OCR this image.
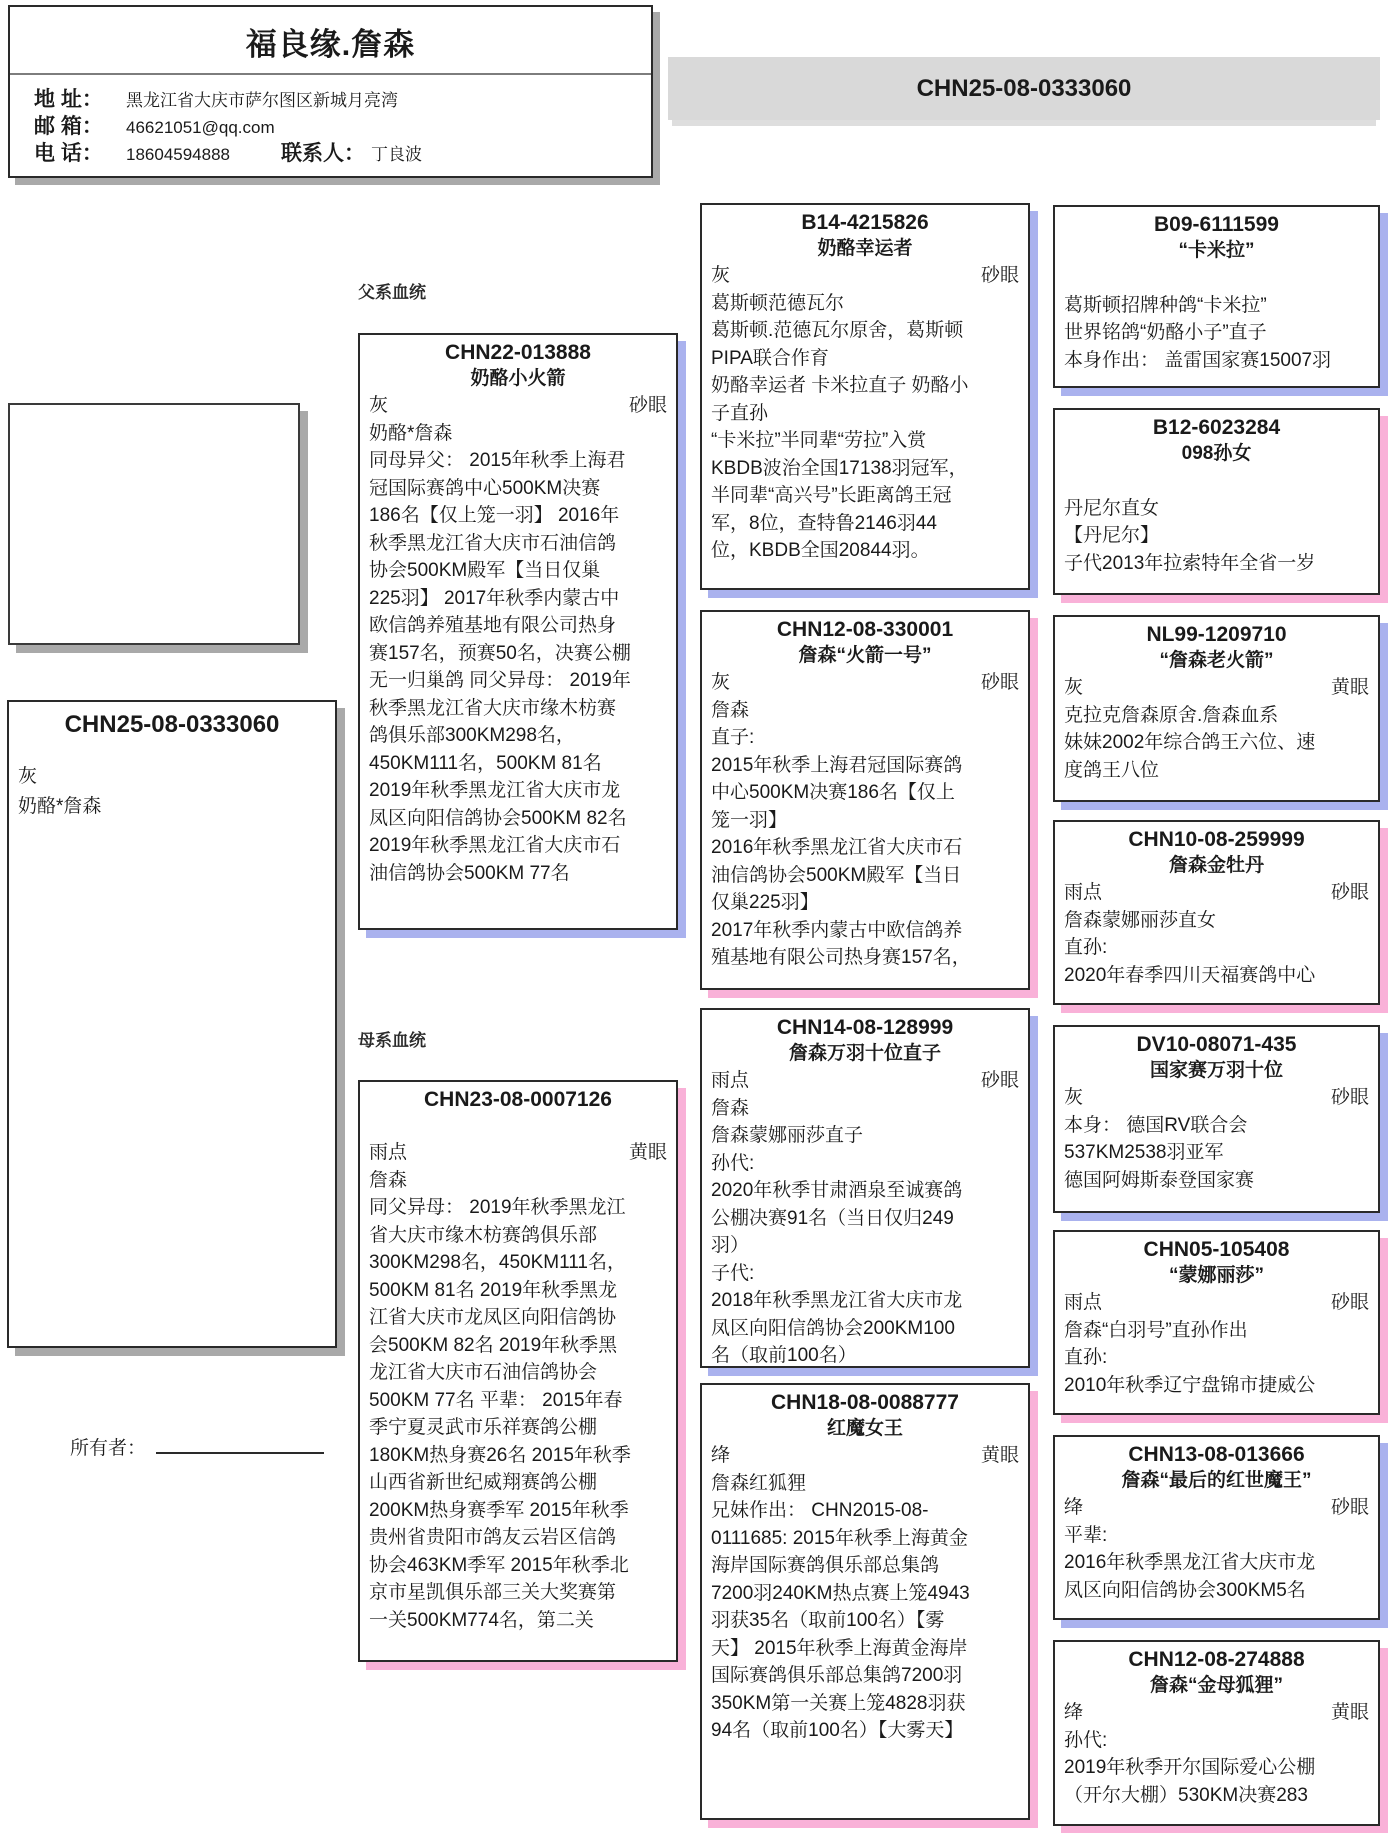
福良缘.詹森
地 址：	黑龙江省大庆市萨尔图区新城月亮湾
邮 箱：	46621051@qq.com
电 话：	18604594888	联系人： 丁良波
CHN25-08-0333060
CHN25-08-0333060
灰
奶酪*詹森
所有者：
父系血统
母系血统
CHN22-013888
奶酪小火箭
灰	砂眼
奶酪*詹森
同母异父： 2015年秋季上海君
冠国际赛鸽中心500KM决赛
186名【仅上笼一羽】 2016年
秋季黑龙江省大庆市石油信鸽
协会500KM殿军【当日仅巢
225羽】 2017年秋季内蒙古中
欧信鸽养殖基地有限公司热身
赛157名，预赛50名，决赛公棚
无一归巢鸽 同父异母： 2019年
秋季黑龙江省大庆市缘木枋赛
鸽俱乐部300KM298名，
450KM111名，500KM 81名
2019年秋季黑龙江省大庆市龙
凤区向阳信鸽协会500KM 82名
2019年秋季黑龙江省大庆市石
油信鸽协会500KM 77名
CHN23-08-0007126
雨点	黄眼
詹森
同父异母： 2019年秋季黑龙江
省大庆市缘木枋赛鸽俱乐部
300KM298名，450KM111名，
500KM 81名 2019年秋季黑龙
江省大庆市龙凤区向阳信鸽协
会500KM 82名 2019年秋季黑
龙江省大庆市石油信鸽协会
500KM 77名 平辈： 2015年春
季宁夏灵武市乐祥赛鸽公棚
180KM热身赛26名 2015年秋季
山西省新世纪威翔赛鸽公棚
200KM热身赛季军 2015年秋季
贵州省贵阳市鸽友云岩区信鸽
协会463KM季军 2015年秋季北
京市星凯俱乐部三关大奖赛第
一关500KM774名，第二关
B14-4215826
奶酪幸运者
灰	砂眼
葛斯顿范德瓦尔
葛斯顿.范德瓦尔原舍，葛斯顿
PIPA联合作育
奶酪幸运者 卡米拉直子 奶酪小
子直孙
“卡米拉”半同辈“劳拉”入赏
KBDB波治全国17138羽冠军，
半同辈“高兴号”长距离鸽王冠
军，8位，查特鲁2146羽44
位，KBDB全国20844羽。
CHN12-08-330001
詹森“火箭一号”
灰	砂眼
詹森
直子:
2015年秋季上海君冠国际赛鸽
中心500KM决赛186名【仅上
笼一羽】
2016年秋季黑龙江省大庆市石
油信鸽协会500KM殿军【当日
仅巢225羽】
2017年秋季内蒙古中欧信鸽养
殖基地有限公司热身赛157名，
CHN14-08-128999
詹森万羽十位直子
雨点	砂眼
詹森
詹森蒙娜丽莎直子
孙代:
2020年秋季甘肃酒泉至诚赛鸽
公棚决赛91名（当日仅归249
羽）
子代:
2018年秋季黑龙江省大庆市龙
凤区向阳信鸽协会200KM100
名（取前100名）
CHN18-08-0088777
红魔女王
绛	黄眼
詹森红狐狸
兄妹作出： CHN2015-08-
0111685: 2015年秋季上海黄金
海岸国际赛鸽俱乐部总集鸽
7200羽240KM热点赛上笼4943
羽获35名（取前100名）【雾
天】 2015年秋季上海黄金海岸
国际赛鸽俱乐部总集鸽7200羽
350KM第一关赛上笼4828羽获
94名（取前100名）【大雾天】
B09-6111599
“卡米拉”
葛斯顿招牌种鸽“卡米拉”
世界铭鸽“奶酪小子”直子
本身作出： 盖雷国家赛15007羽
B12-6023284
098孙女
丹尼尔直女
【丹尼尔】
子代2013年拉索特年全省一岁
NL99-1209710
“詹森老火箭”
灰	黄眼
克拉克詹森原舍.詹森血系
妹妹2002年综合鸽王六位、速
度鸽王八位
CHN10-08-259999
詹森金牡丹
雨点	砂眼
詹森蒙娜丽莎直女
直孙:
2020年春季四川天福赛鸽中心
DV10-08071-435
国家赛万羽十位
灰	砂眼
本身： 德国RV联合会
537KM2538羽亚军
德国阿姆斯泰登国家赛
CHN05-105408
“蒙娜丽莎”
雨点	砂眼
詹森“白羽号”直孙作出
直孙:
2010年秋季辽宁盘锦市捷威公
CHN13-08-013666
詹森“最后的红世魔王”
绛	砂眼
平辈:
2016年秋季黑龙江省大庆市龙
凤区向阳信鸽协会300KM5名
CHN12-08-274888
詹森“金母狐狸”
绛	黄眼
孙代:
2019年秋季开尔国际爱心公棚
（开尔大棚）530KM决赛283
